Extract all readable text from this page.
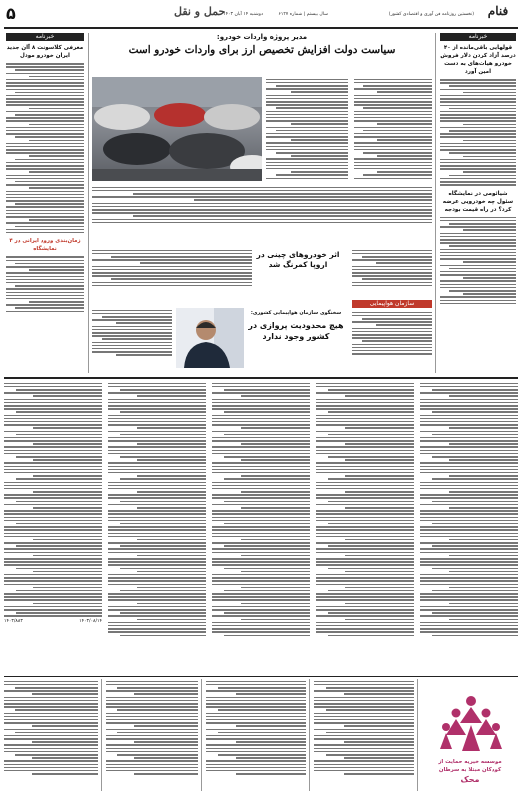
فنام
(نخستین روزنامه فن آوری و اقتصادی کشور)
سال بیستم | شماره ۶۱۲۷
دوشنبه ۱۴ آبان ۱۴۰۳
حمل و نقل
۵
خبرنامه
قولهایی باقی‌مانده از ۴۰ درصد آزاد کردن دلار فروش خودرو هیات‌های به دست امین آورد
شیائومی در نمایشگاه سئول چه خودرویی عرضه کرد؟ در راه قیمت بودجه
خبرنامه
معرفی کلاسونت ۸ آ‌ان جدید ایران خودرو مودل
زمان‌بندی ورود ایرانی در ۴ نمایشگاه
مدیر پروژه واردات خودرو:
سیاست دولت افزایش تخصیص ارز برای واردات خودرو است
اثر خودروهای چینی در اروپا کمرنگ شد
سازمان هواپیمایی
سخنگوی سازمان هواپیمایی کشوری:
هیچ محدودیت پروازی در کشور وجود ندارد
۱۴۰۳/۰۸/۱۴
۱۴۰۳/۸۸۳
موسسه خیریه حمایت از
کودکان مبتلا به سرطان
محک
